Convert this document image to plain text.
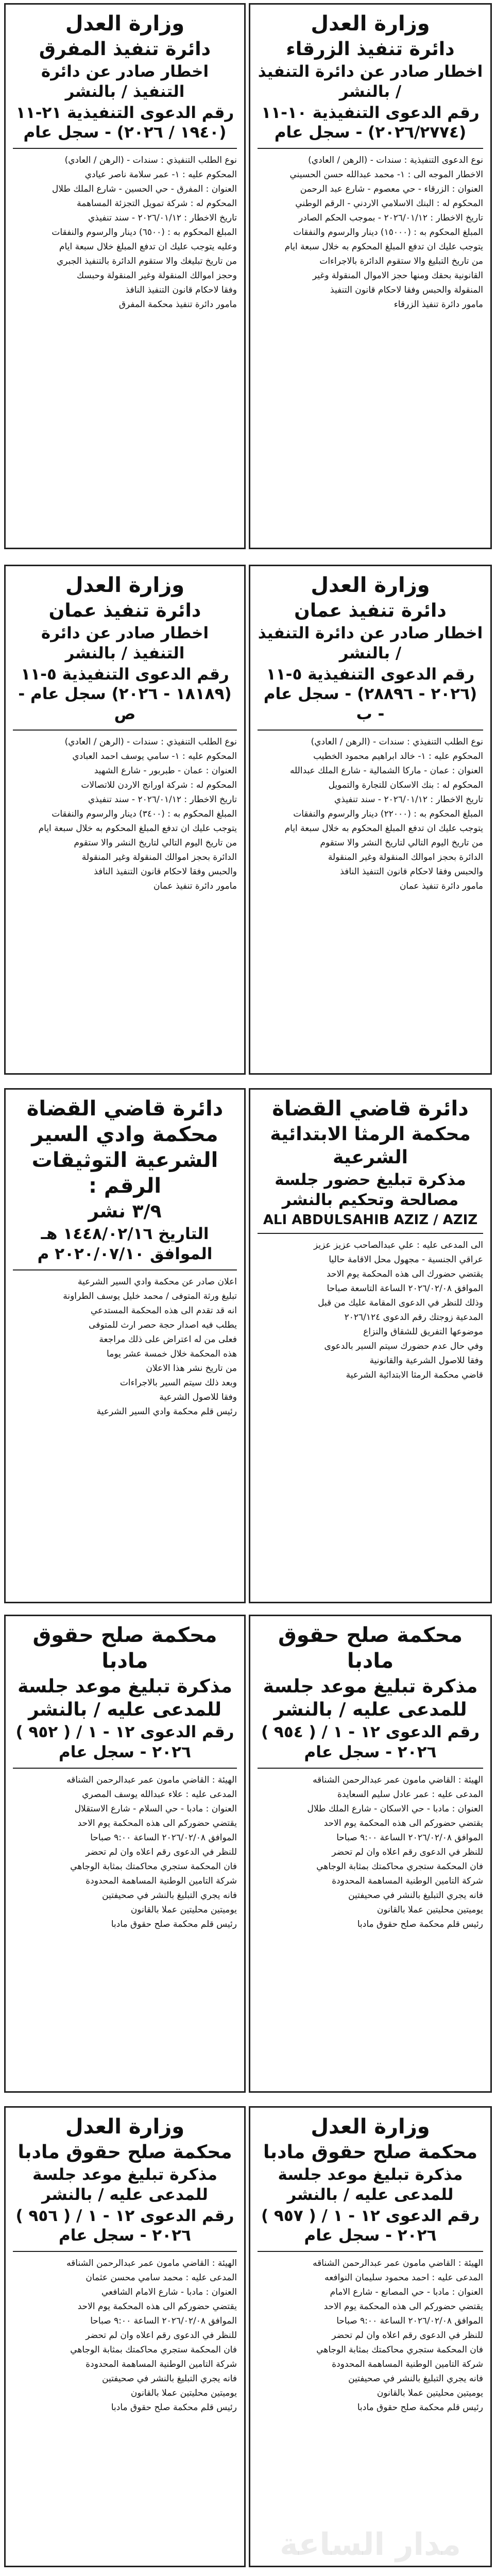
وزارة العدل
دائرة تنفيذ الزرقاء
اخطار صادر عن دائرة التنفيذ / بالنشر
رقم الدعوى التنفيذية ١٠-١١ (٢٠٢٦/٢٧٧٤) - سجل عام

نوع الدعوى التنفيذية : سندات - (الرهن / العادي)

الاخطار الموجه الى : ١- محمد عبدالله حسن الحسيني

العنوان : الزرقاء - حي معصوم - شارع عبد الرحمن

المحكوم له : البنك الاسلامي الاردني - الرقم الوطني

تاريخ الاخطار : ٢٠٢٦/٠١/١٢ - بموجب الحكم الصادر

المبلغ المحكوم به : (١٥٠٠٠) دينار والرسوم والنفقات

يتوجب عليك ان تدفع المبلغ المحكوم به خلال سبعة ايام

من تاريخ التبليغ والا ستقوم الدائرة بالاجراءات

القانونية بحقك ومنها حجز الاموال المنقولة وغير

المنقولة والحبس وفقا لاحكام قانون التنفيذ

مامور دائرة تنفيذ الزرقاء

وزارة العدل
دائرة تنفيذ المفرق
اخطار صادر عن دائرة التنفيذ / بالنشر
رقم الدعوى التنفيذية ٢١-١١ (١٩٤٠ / ٢٠٢٦) - سجل عام

نوع الطلب التنفيذي : سندات - (الرهن / العادي)

المحكوم عليه : ١- عمر سلامة ناصر عيادي

العنوان : المفرق - حي الحسين - شارع الملك طلال

المحكوم له : شركة تمويل التجزئة المساهمة

تاريخ الاخطار : ٢٠٢٦/٠١/١٢ - سند تنفيذي

المبلغ المحكوم به : (٦٥٠٠) دينار والرسوم والنفقات

وعليه يتوجب عليك ان تدفع المبلغ خلال سبعة ايام

من تاريخ تبليغك والا ستقوم الدائرة بالتنفيذ الجبري

وحجز اموالك المنقولة وغير المنقولة وحبسك

وفقا لاحكام قانون التنفيذ النافذ

مامور دائرة تنفيذ محكمة المفرق

وزارة العدل
دائرة تنفيذ عمان
اخطار صادر عن دائرة التنفيذ / بالنشر
رقم الدعوى التنفيذية ٥-١١ (٢٠٢٦ - ٢٨٨٩٦) - سجل عام - ب

نوع الطلب التنفيذي : سندات - (الرهن / العادي)

المحكوم عليه : ١- خالد ابراهيم محمود الخطيب

العنوان : عمان - ماركا الشمالية - شارع الملك عبدالله

المحكوم له : بنك الاسكان للتجارة والتمويل

تاريخ الاخطار : ٢٠٢٦/٠١/١٢ - سند تنفيذي

المبلغ المحكوم به : (٢٢٠٠٠) دينار والرسوم والنفقات

يتوجب عليك ان تدفع المبلغ المحكوم به خلال سبعة ايام

من تاريخ اليوم التالي لتاريخ النشر والا ستقوم

الدائرة بحجز اموالك المنقولة وغير المنقولة

والحبس وفقا لاحكام قانون التنفيذ النافذ

مامور دائرة تنفيذ عمان

وزارة العدل
دائرة تنفيذ عمان
اخطار صادر عن دائرة التنفيذ / بالنشر
رقم الدعوى التنفيذية ٥-١١ (١٨١٨٩ - ٢٠٢٦) سجل عام - ص

نوع الطلب التنفيذي : سندات - (الرهن / العادي)

المحكوم عليه : ١- سامي يوسف احمد العبادي

العنوان : عمان - طبربور - شارع الشهيد

المحكوم له : شركة اورانج الاردن للاتصالات

تاريخ الاخطار : ٢٠٢٦/٠١/١٢ - سند تنفيذي

المبلغ المحكوم به : (٣٤٠٠) دينار والرسوم والنفقات

يتوجب عليك ان تدفع المبلغ المحكوم به خلال سبعة ايام

من تاريخ اليوم التالي لتاريخ النشر والا ستقوم

الدائرة بحجز اموالك المنقولة وغير المنقولة

والحبس وفقا لاحكام قانون التنفيذ النافذ

مامور دائرة تنفيذ عمان

دائرة قاضي القضاة
محكمة الرمثا الابتدائية الشرعية
مذكرة تبليغ حضور جلسة مصالحة وتحكيم بالنشر
ALI ABDULSAHIB AZIZ / AZIZ

الى المدعى عليه : علي عبدالصاحب عزيز عزيز

عراقي الجنسية - مجهول محل الاقامة حاليا

يقتضي حضورك الى هذه المحكمة يوم الاحد

الموافق ٢٠٢٦/٠٢/٠٨ الساعة التاسعة صباحا

وذلك للنظر في الدعوى المقامة عليك من قبل

المدعية زوجتك رقم الدعوى ٢٠٢٦/١٢٤

موضوعها التفريق للشقاق والنزاع

وفي حال عدم حضورك سيتم السير بالدعوى

وفقا للاصول الشرعية والقانونية

قاضي محكمة الرمثا الابتدائية الشرعية

دائرة قاضي القضاة محكمة وادي السير الشرعية التوثيقات الرقم :
٣/٩ نشر
التاريخ ١٤٤٨/٠٢/١٦ هـ الموافق ٢٠٢٠/٠٧/١٠ م

اعلان صادر عن محكمة وادي السير الشرعية

تبليغ ورثة المتوفى / محمد خليل يوسف الطراونة

انه قد تقدم الى هذه المحكمة المستدعي

يطلب فيه اصدار حجة حصر ارث للمتوفى

فعلى من له اعتراض على ذلك مراجعة

هذه المحكمة خلال خمسة عشر يوما

من تاريخ نشر هذا الاعلان

وبعد ذلك سيتم السير بالاجراءات

وفقا للاصول الشرعية

رئيس قلم محكمة وادي السير الشرعية

محكمة صلح حقوق مادبا
مذكرة تبليغ موعد جلسة للمدعى عليه / بالنشر
رقم الدعوى ١٢ - ١ / ( ٩٥٤ ) ٢٠٢٦ - سجل عام

الهيئة : القاضي مامون عمر عبدالرحمن الشناقه

المدعى عليه : عمر عادل سليم السعايدة

العنوان : مادبا - حي الاسكان - شارع الملك طلال

يقتضي حضوركم الى هذه المحكمة يوم الاحد

الموافق ٢٠٢٦/٠٢/٠٨ الساعة ٩:٠٠ صباحا

للنظر في الدعوى رقم اعلاه وان لم تحضر

فان المحكمة ستجري محاكمتك بمثابة الوجاهي

شركة التامين الوطنية المساهمة المحدودة

فانه يجري التبليغ بالنشر في صحيفتين

يوميتين محليتين عملا بالقانون

رئيس قلم محكمة صلح حقوق مادبا

محكمة صلح حقوق مادبا
مذكرة تبليغ موعد جلسة للمدعى عليه / بالنشر
رقم الدعوى ١٢ - ١ / ( ٩٥٢ ) ٢٠٢٦ - سجل عام

الهيئة : القاضي مامون عمر عبدالرحمن الشناقه

المدعى عليه : علاء عبدالله يوسف المصري

العنوان : مادبا - حي السلام - شارع الاستقلال

يقتضي حضوركم الى هذه المحكمة يوم الاحد

الموافق ٢٠٢٦/٠٢/٠٨ الساعة ٩:٠٠ صباحا

للنظر في الدعوى رقم اعلاه وان لم تحضر

فان المحكمة ستجري محاكمتك بمثابة الوجاهي

شركة التامين الوطنية المساهمة المحدودة

فانه يجري التبليغ بالنشر في صحيفتين

يوميتين محليتين عملا بالقانون

رئيس قلم محكمة صلح حقوق مادبا

وزارة العدل
محكمة صلح حقوق مادبا
مذكرة تبليغ موعد جلسة للمدعى عليه / بالنشر
رقم الدعوى ١٢ - ١ / ( ٩٥٧ ) ٢٠٢٦ - سجل عام

الهيئة : القاضي مامون عمر عبدالرحمن الشناقه

المدعى عليه : احمد محمود سليمان النوافعه

العنوان : مادبا - حي المصانع - شارع الامام

يقتضي حضوركم الى هذه المحكمة يوم الاحد

الموافق ٢٠٢٦/٠٢/٠٨ الساعة ٩:٠٠ صباحا

للنظر في الدعوى رقم اعلاه وان لم تحضر

فان المحكمة ستجري محاكمتك بمثابة الوجاهي

شركة التامين الوطنية المساهمة المحدودة

فانه يجري التبليغ بالنشر في صحيفتين

يوميتين محليتين عملا بالقانون

رئيس قلم محكمة صلح حقوق مادبا

مدار الساعة
وزارة العدل
محكمة صلح حقوق مادبا
مذكرة تبليغ موعد جلسة للمدعى عليه / بالنشر
رقم الدعوى ١٢ - ١ / ( ٩٥٦ ) ٢٠٢٦ - سجل عام

الهيئة : القاضي مامون عمر عبدالرحمن الشناقه

المدعى عليه : محمد سامي محسن عثمان

العنوان : مادبا - شارع الامام الشافعي

يقتضي حضوركم الى هذه المحكمة يوم الاحد

الموافق ٢٠٢٦/٠٢/٠٨ الساعة ٩:٠٠ صباحا

للنظر في الدعوى رقم اعلاه وان لم تحضر

فان المحكمة ستجري محاكمتك بمثابة الوجاهي

شركة التامين الوطنية المساهمة المحدودة

فانه يجري التبليغ بالنشر في صحيفتين

يوميتين محليتين عملا بالقانون

رئيس قلم محكمة صلح حقوق مادبا
